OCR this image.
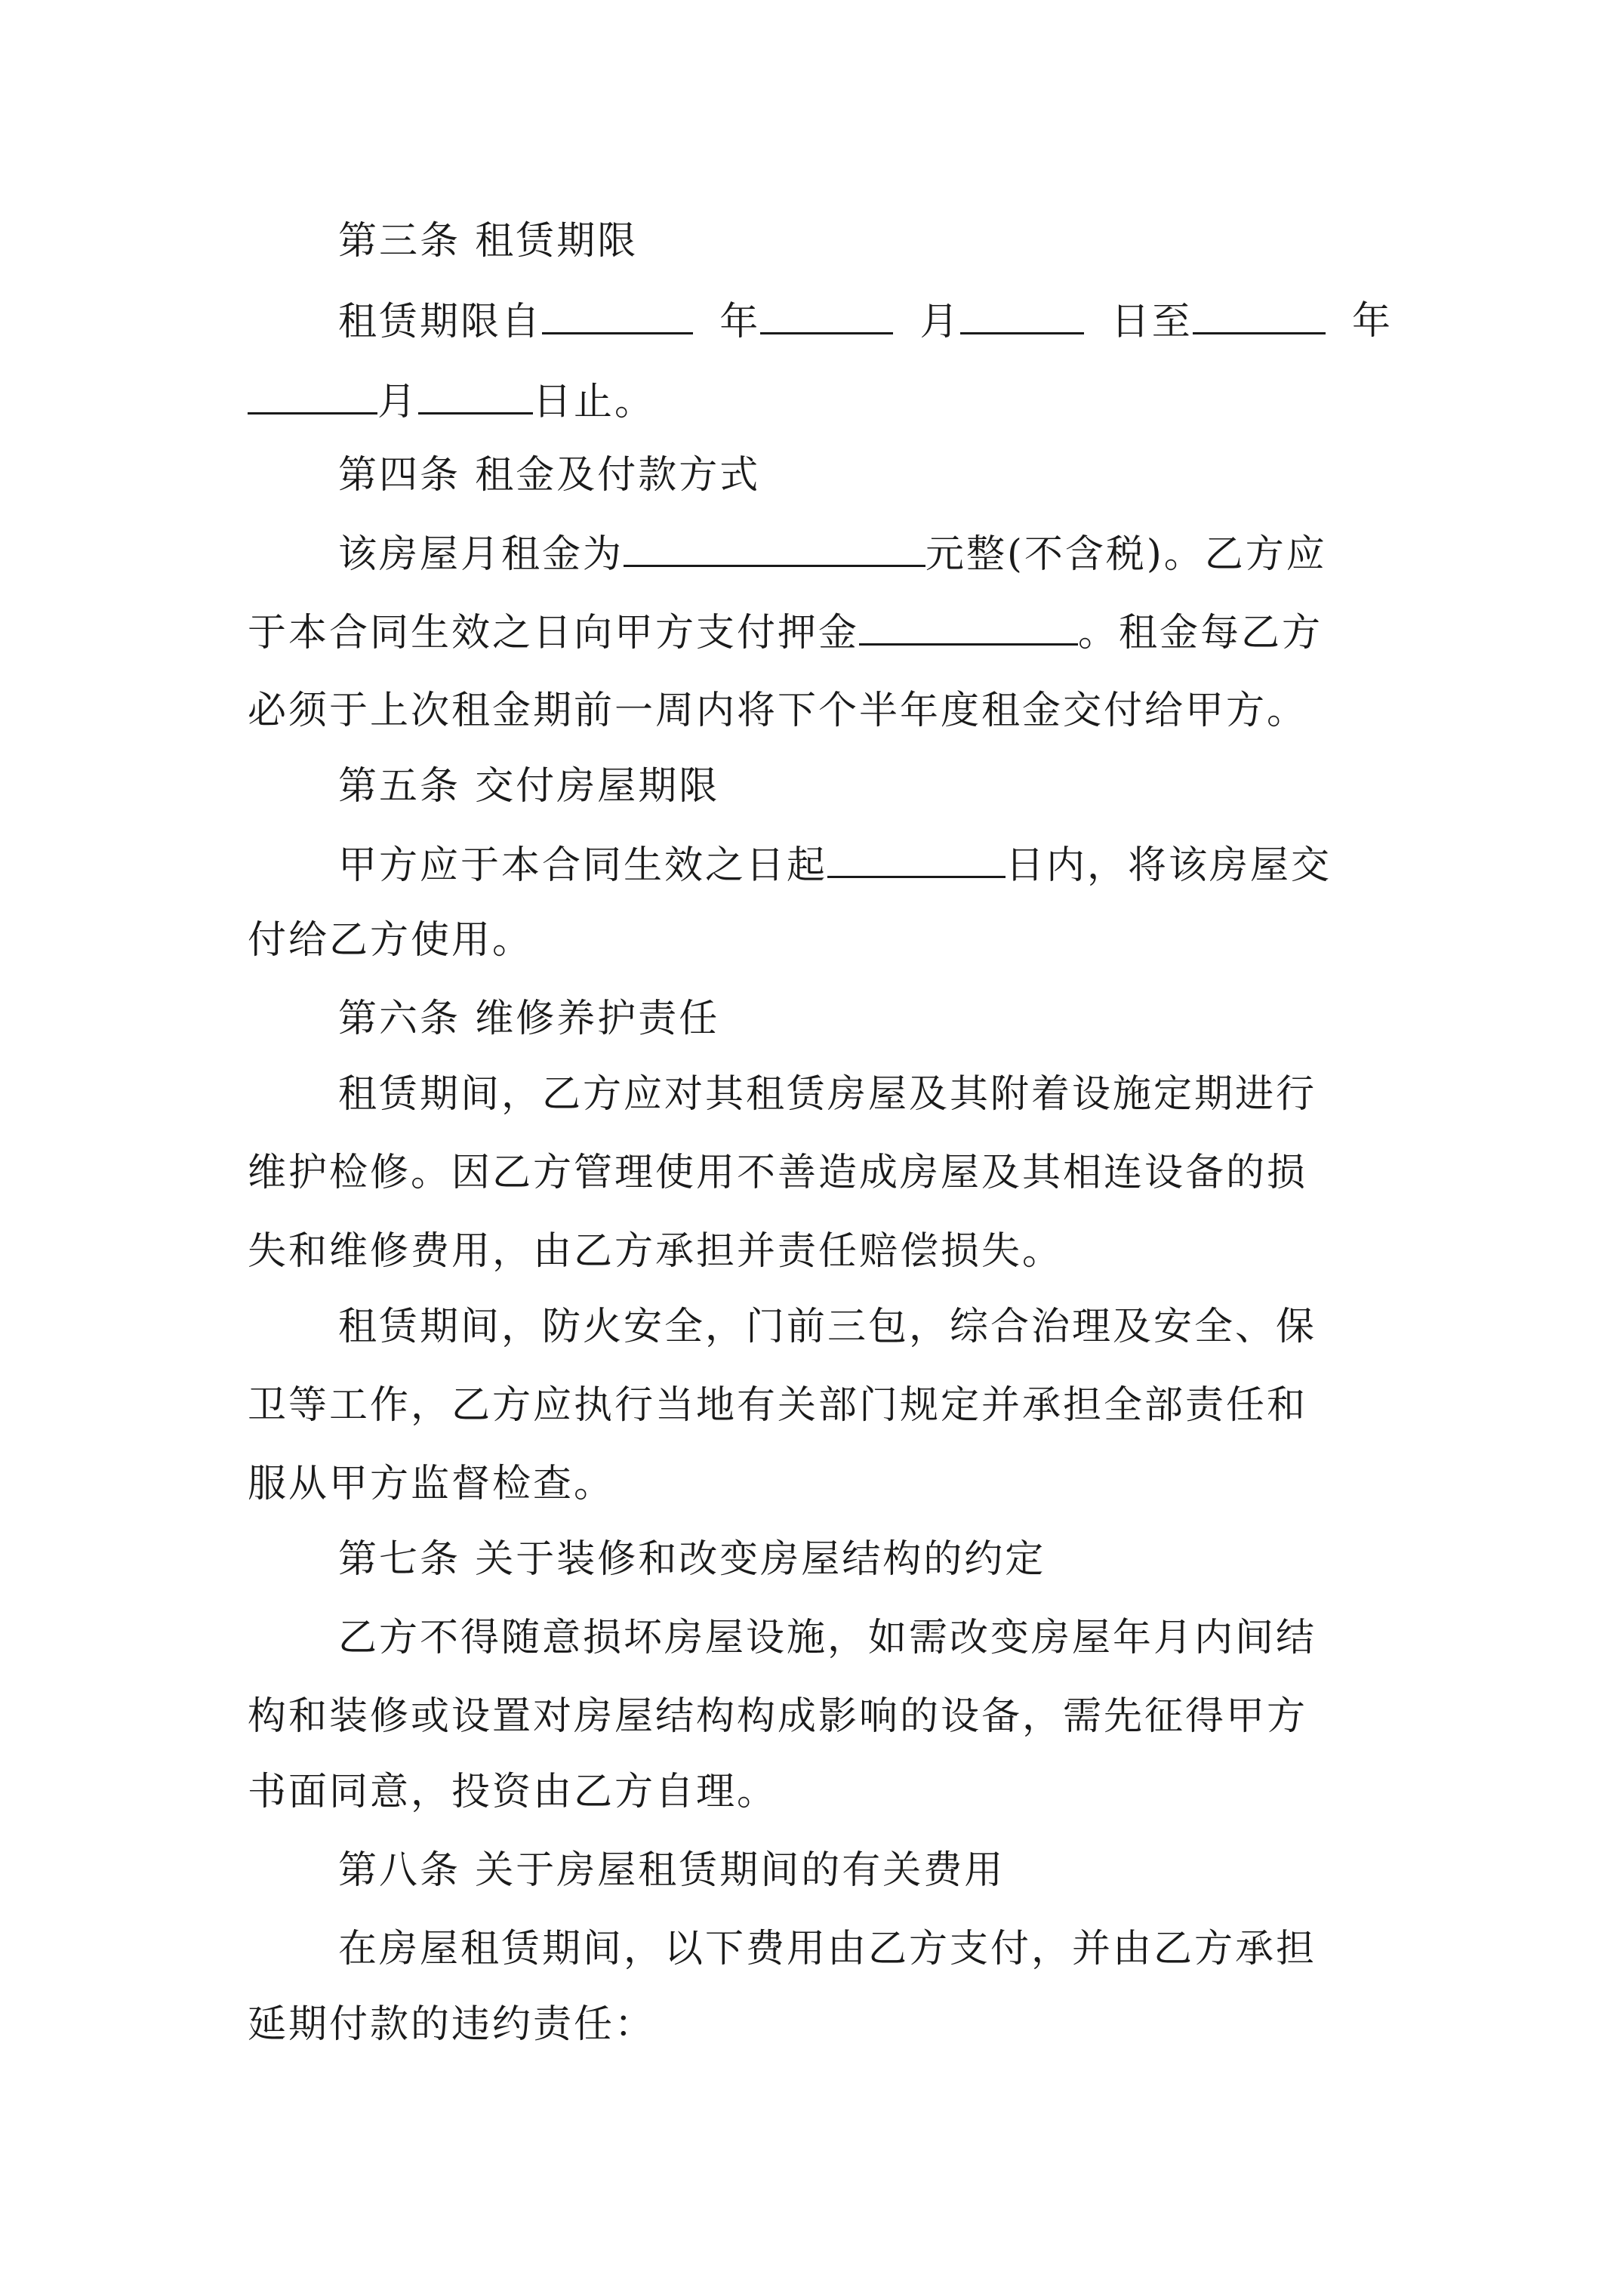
第三条 租赁期限
租赁期限自	年	月	日至	年
月	日止。
第四条 租金及付款方式
该房屋月租金为	元整(不含税)。乙方应
于本合同生效之日向甲方支付押金	。租金每乙方
必须于上次租金期前一周内将下个半年度租金交付给甲方。
第五条 交付房屋期限
甲方应于本合同生效之日起	日内，将该房屋交
付给乙方使用。
第六条 维修养护责任
租赁期间，乙方应对其租赁房屋及其附着设施定期进行
维护检修。因乙方管理使用不善造成房屋及其相连设备的损
失和维修费用，由乙方承担并责任赔偿损失。
租赁期间，防火安全，门前三包，综合治理及安全、保
卫等工作，乙方应执行当地有关部门规定并承担全部责任和
服从甲方监督检查。
第七条 关于装修和改变房屋结构的约定
乙方不得随意损坏房屋设施，如需改变房屋年月内间结
构和装修或设置对房屋结构构成影响的设备，需先征得甲方
书面同意，投资由乙方自理。
第八条 关于房屋租赁期间的有关费用
在房屋租赁期间，以下费用由乙方支付，并由乙方承担
延期付款的违约责任：
